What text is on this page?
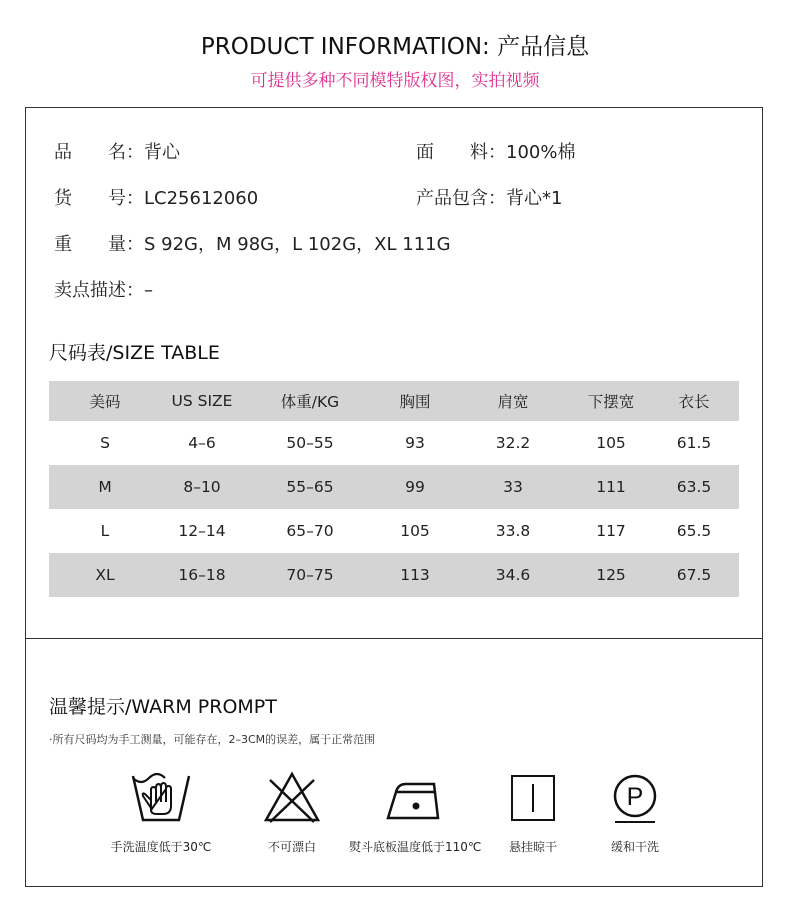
PRODUCT INFORMATION: 产品信息
可提供多种不同模特版权图，实拍视频
品　　名：背心	面　　料：100%棉
货　　号：LC25612060	产品包含：背心*1
重　　量：S 92G，M 98G，L 102G，XL 111G
卖点描述：–
尺码表/SIZE TABLE
美码	US SIZE	体重/KG	胸围	肩宽	下摆宽	衣长
S	4–6	50–55	93	32.2	105	61.5
M	8–10	55–65	99	33	111	63.5
L	12–14	65–70	105	33.8	117	65.5
XL	16–18	70–75	113	34.6	125	67.5
温馨提示/WARM PROMPT
·所有尺码均为手工测量，可能存在，2–3CM的误差，属于正常范围
手洗温度低于30℃	不可漂白	熨斗底板温度低于110℃	悬挂晾干
P
缓和干洗
